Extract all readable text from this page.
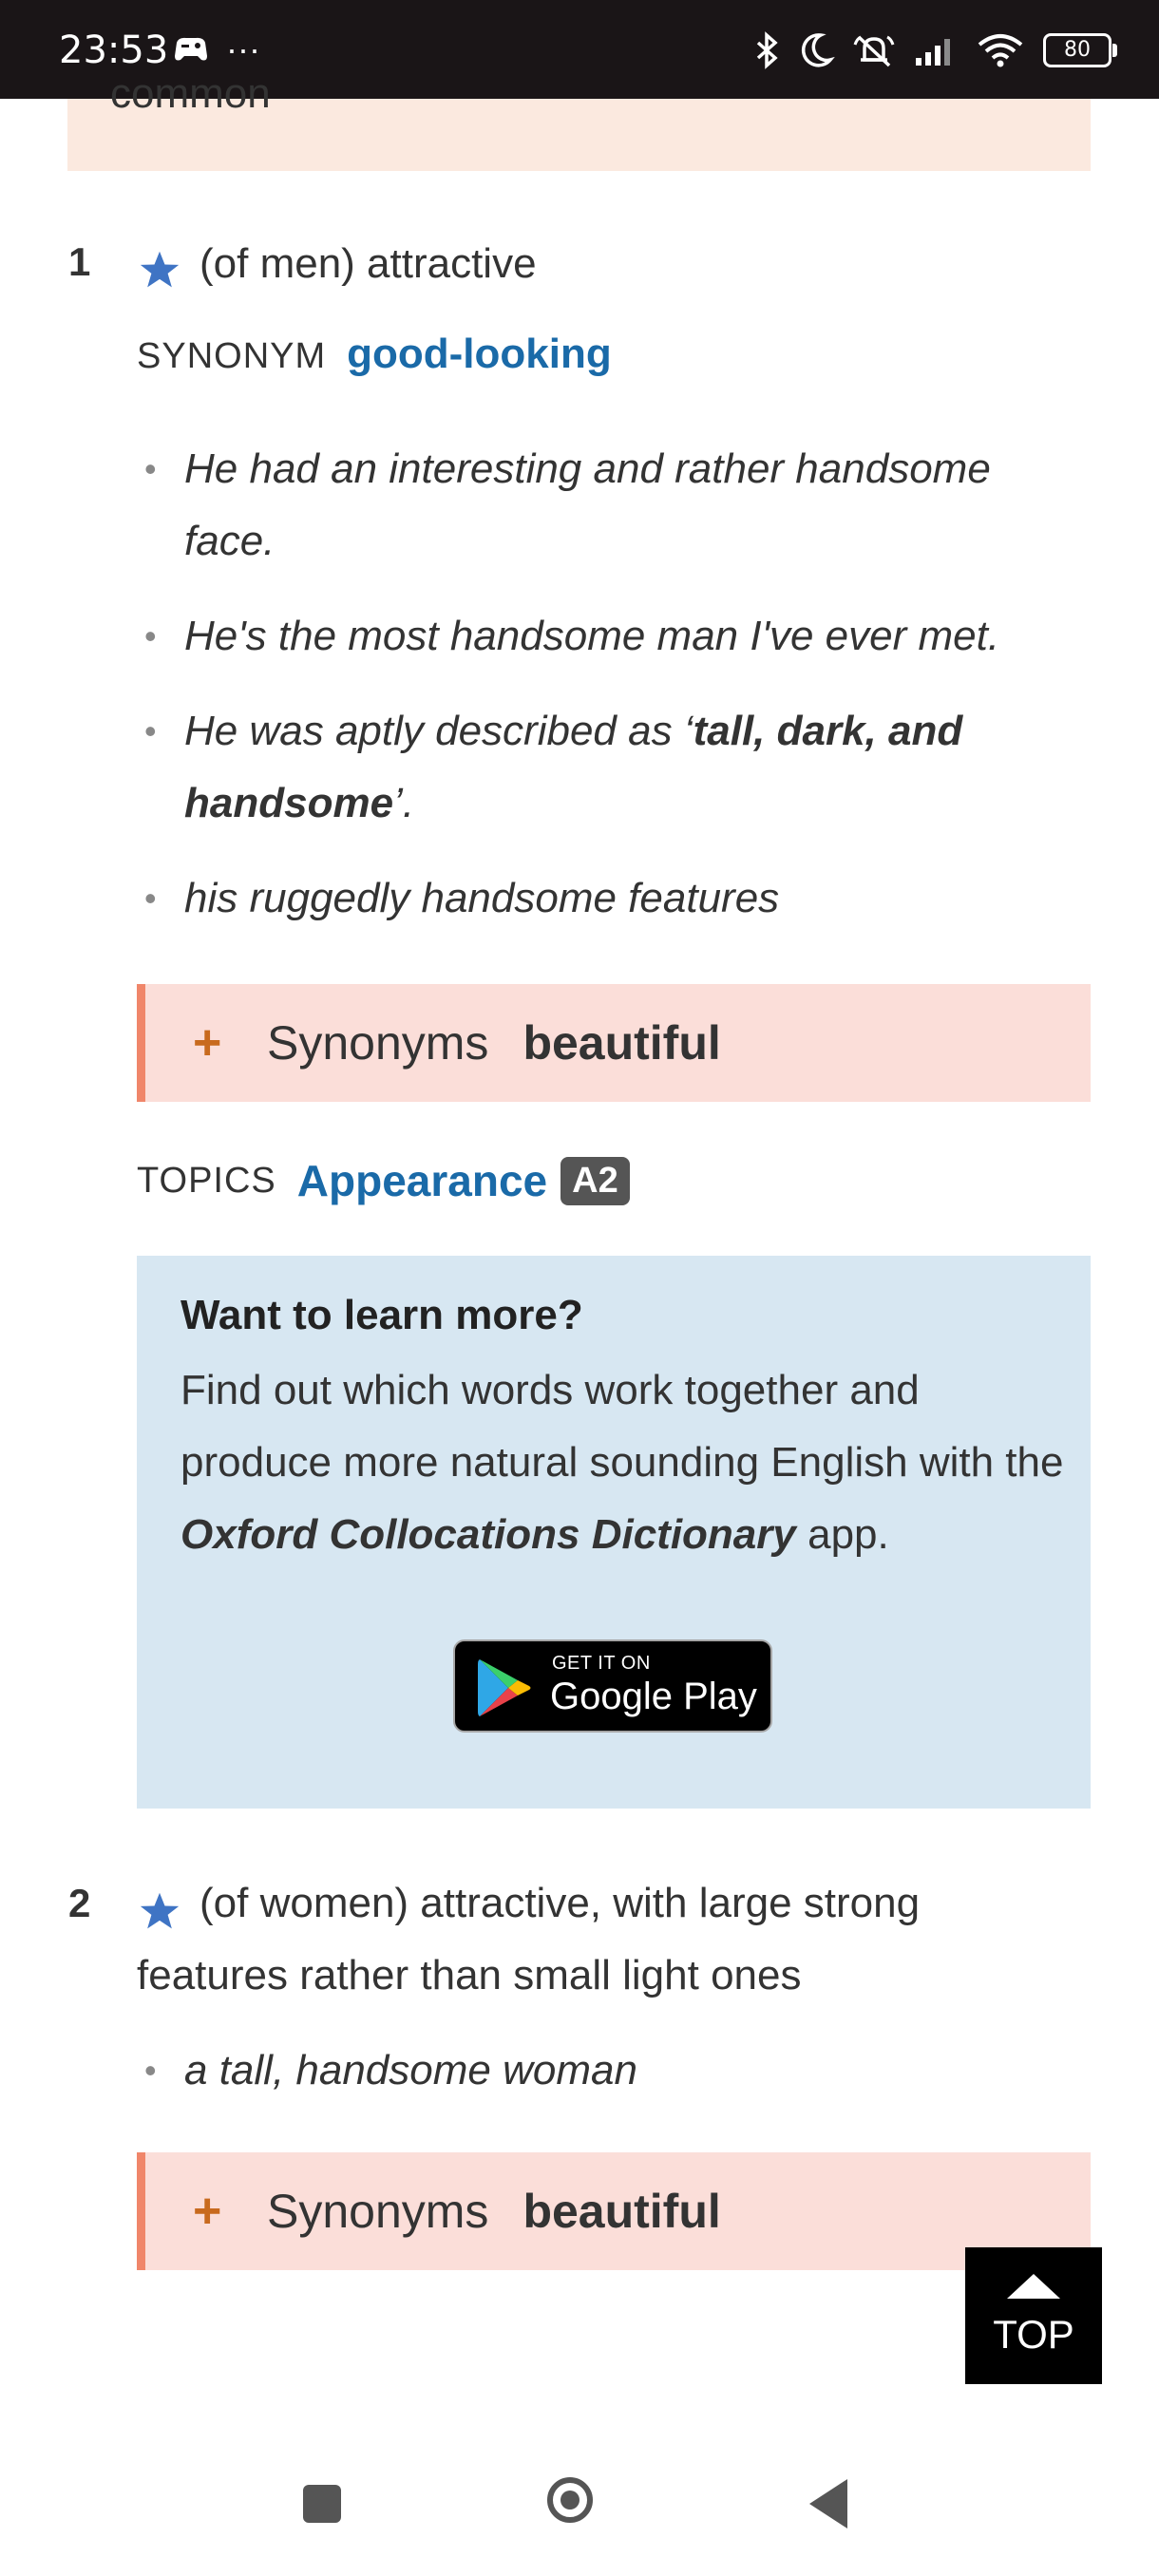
23:53 ···	80
common
1	(of men) attractive
SYNONYM good-looking
• He had an interesting and rather handsome face.
• He's the most handsome man I've ever met.
• He was aptly described as ‘tall, dark, and handsome’.
• his ruggedly handsome features
+ Synonyms beautiful
TOPICS Appearance A2
Want to learn more?
Find out which words work together and produce more natural sounding English with the Oxford Collocations Dictionary app.
GET IT ON
Google Play
2	(of women) attractive, with large strong features rather than small light ones
• a tall, handsome woman
+ Synonyms beautiful
TOP
